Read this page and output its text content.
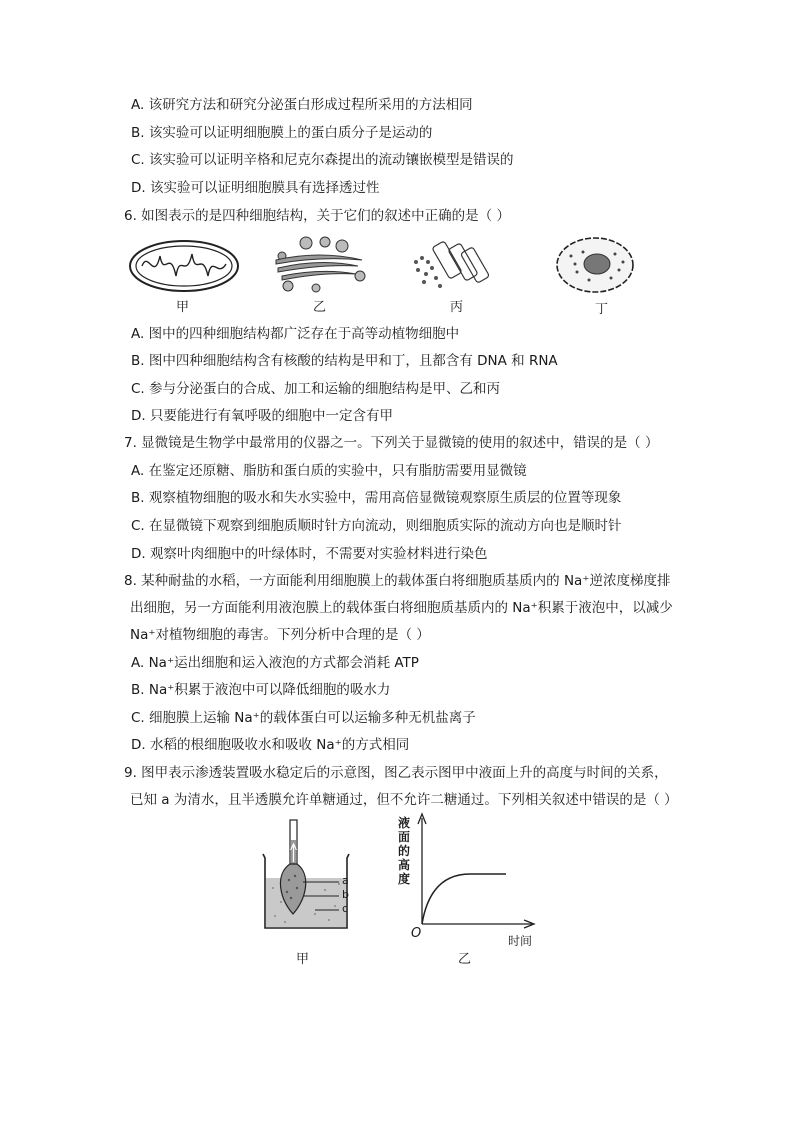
A. 该研究方法和研究分泌蛋白形成过程所采用的方法相同
B. 该实验可以证明细胞膜上的蛋白质分子是运动的
C. 该实验可以证明辛格和尼克尔森提出的流动镶嵌模型是错误的
D. 该实验可以证明细胞膜具有选择透过性
6. 如图表示的是四种细胞结构，关于它们的叙述中正确的是（ ）
甲	乙	丙	丁
A. 图中的四种细胞结构都广泛存在于高等动植物细胞中
B. 图中四种细胞结构含有核酸的结构是甲和丁，且都含有 DNA 和 RNA
C. 参与分泌蛋白的合成、加工和运输的细胞结构是甲、乙和丙
D. 只要能进行有氧呼吸的细胞中一定含有甲
7. 显微镜是生物学中最常用的仪器之一。下列关于显微镜的使用的叙述中，错误的是（ ）
A. 在鉴定还原糖、脂肪和蛋白质的实验中，只有脂肪需要用显微镜
B. 观察植物细胞的吸水和失水实验中，需用高倍显微镜观察原生质层的位置等现象
C. 在显微镜下观察到细胞质顺时针方向流动，则细胞质实际的流动方向也是顺时针
D. 观察叶肉细胞中的叶绿体时，不需要对实验材料进行染色
8. 某种耐盐的水稻，一方面能利用细胞膜上的载体蛋白将细胞质基质内的 Na⁺逆浓度梯度排
出细胞，另一方面能利用液泡膜上的载体蛋白将细胞质基质内的 Na⁺积累于液泡中，以减少
Na⁺对植物细胞的毒害。下列分析中合理的是（ ）
A. Na⁺运出细胞和运入液泡的方式都会消耗 ATP
B. Na⁺积累于液泡中可以降低细胞的吸水力
C. 细胞膜上运输 Na⁺的载体蛋白可以运输多种无机盐离子
D. 水稻的根细胞吸收水和吸收 Na⁺的方式相同
9. 图甲表示渗透装置吸水稳定后的示意图，图乙表示图甲中液面上升的高度与时间的关系，
已知 a 为清水，且半透膜允许单糖通过，但不允许二糖通过。下列相关叙述中错误的是（ ）
a
b
c
甲
液
面
的
高
度
O	时间
乙
